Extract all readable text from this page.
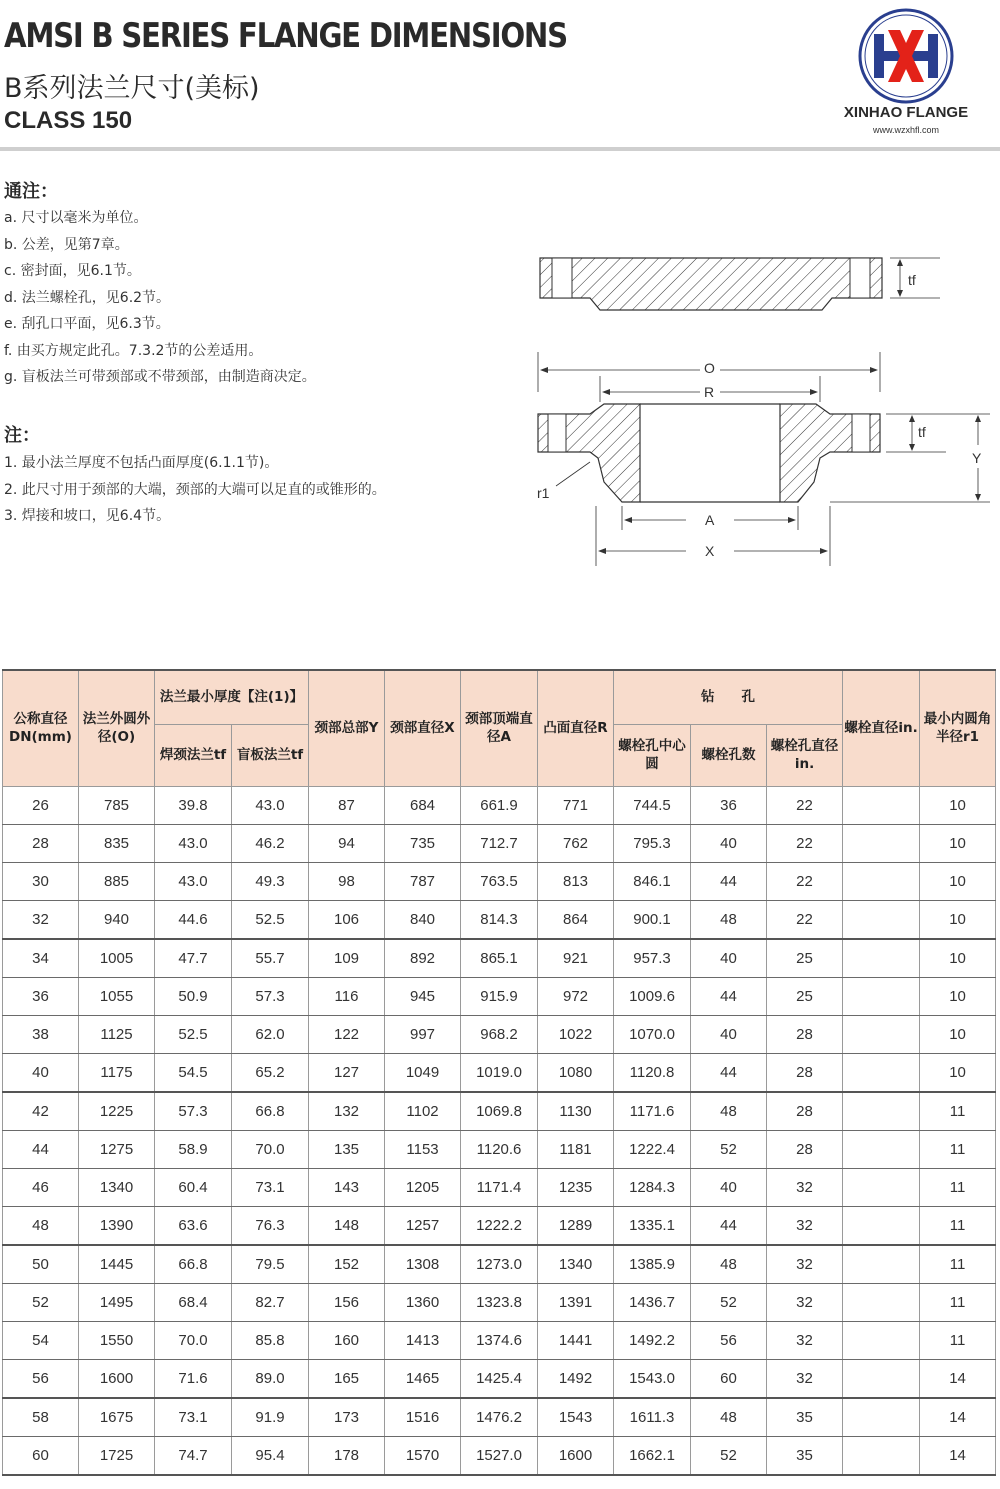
AMSI B SERIES FLANGE DIMENSIONS
B系列法兰尺寸(美标)
CLASS 150	XINHAO FLANGE
www.wzxhfl.com
通注：
a. 尺寸以毫米为单位。
b. 公差，见第7章。
c. 密封面，见6.1节。
d. 法兰螺栓孔，见6.2节。
e. 刮孔口平面，见6.3节。
f. 由买方规定此孔。7.3.2节的公差适用。
g. 盲板法兰可带颈部或不带颈部，由制造商决定。
注：
1. 最小法兰厚度不包括凸面厚度(6.1.1节)。
2. 此尺寸用于颈部的大端，颈部的大端可以足直的或锥形的。
3. 焊接和坡口，见6.4节。
tf
O
R
tf
Y
r1
A
X
公称直径DN(mm)	法兰外圆外径(O)	法兰最小厚度【注(1)】		颈部总部Y	颈部直径X	颈部顶端直径A	凸面直径R	钻　　孔			螺栓直径in.	最小内圆角半径r1
		焊颈法兰tf	盲板法兰tf					螺栓孔中心圆	螺栓孔数	螺栓孔直径in.		
26	785	39.8	43.0	87	684	661.9	771	744.5	36	22		10
28	835	43.0	46.2	94	735	712.7	762	795.3	40	22		10
30	885	43.0	49.3	98	787	763.5	813	846.1	44	22		10
32	940	44.6	52.5	106	840	814.3	864	900.1	48	22		10
34	1005	47.7	55.7	109	892	865.1	921	957.3	40	25		10
36	1055	50.9	57.3	116	945	915.9	972	1009.6	44	25		10
38	1125	52.5	62.0	122	997	968.2	1022	1070.0	40	28		10
40	1175	54.5	65.2	127	1049	1019.0	1080	1120.8	44	28		10
42	1225	57.3	66.8	132	1102	1069.8	1130	1171.6	48	28		11
44	1275	58.9	70.0	135	1153	1120.6	1181	1222.4	52	28		11
46	1340	60.4	73.1	143	1205	1171.4	1235	1284.3	40	32		11
48	1390	63.6	76.3	148	1257	1222.2	1289	1335.1	44	32		11
50	1445	66.8	79.5	152	1308	1273.0	1340	1385.9	48	32		11
52	1495	68.4	82.7	156	1360	1323.8	1391	1436.7	52	32		11
54	1550	70.0	85.8	160	1413	1374.6	1441	1492.2	56	32		11
56	1600	71.6	89.0	165	1465	1425.4	1492	1543.0	60	32		14
58	1675	73.1	91.9	173	1516	1476.2	1543	1611.3	48	35		14
60	1725	74.7	95.4	178	1570	1527.0	1600	1662.1	52	35		14
